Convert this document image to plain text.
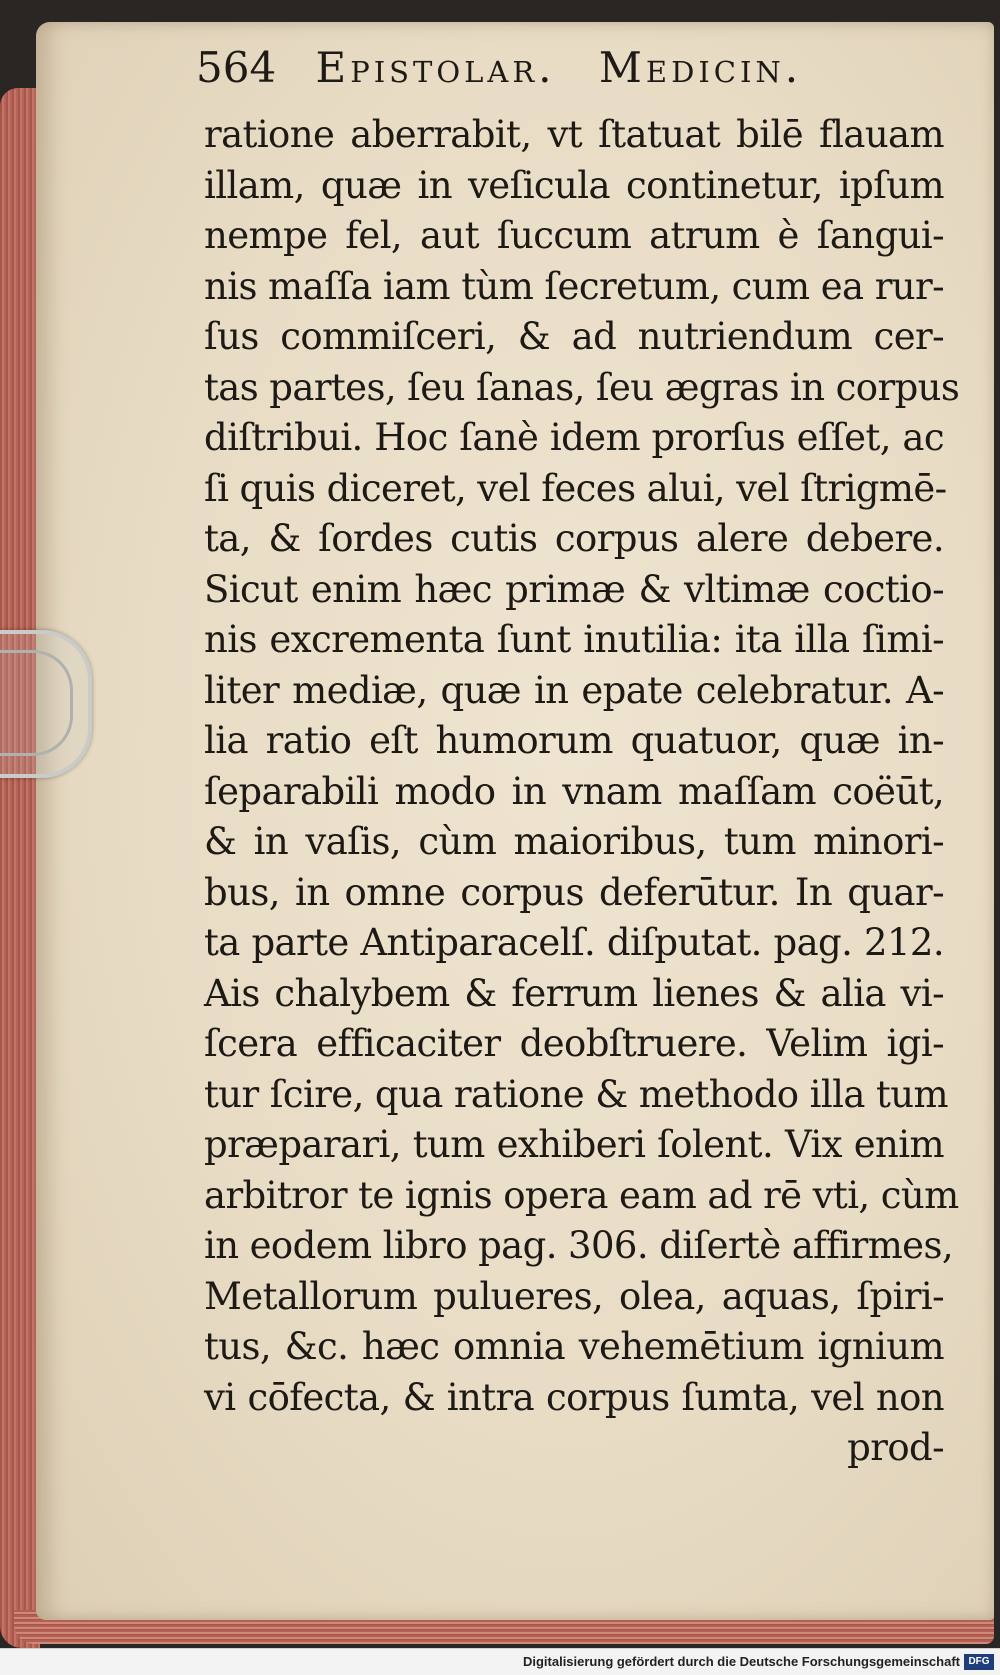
564 Epistolar. Medicin.
ratione aberrabit, vt ſtatuat bilē flauam
illam, quæ in veſicula continetur, ipſum
nempe fel, aut ſuccum atrum è ſangui-
nis maſſa iam tùm ſecretum, cum ea rur-
ſus commiſceri, & ad nutriendum cer-
tas partes, ſeu ſanas, ſeu ægras in corpus
diſtribui. Hoc ſanè idem prorſus eſſet, ac
ſi quis diceret, vel feces alui, vel ſtrigmē-
ta, & ſordes cutis corpus alere debere.
Sicut enim hæc primæ & vltimæ coctio-
nis excrementa ſunt inutilia: ita illa ſimi-
liter mediæ, quæ in epate celebratur. A-
lia ratio eſt humorum quatuor, quæ in-
ſeparabili modo in vnam maſſam coëūt,
& in vaſis, cùm maioribus, tum minori-
bus, in omne corpus deferūtur. In quar-
ta parte Antiparacelſ. diſputat. pag. 212.
Ais chalybem & ferrum lienes & alia vi-
ſcera efficaciter deobſtruere. Velim igi-
tur ſcire, qua ratione & methodo illa tum
præparari, tum exhiberi ſolent. Vix enim
arbitror te ignis opera eam ad rē vti, cùm
in eodem libro pag. 306. diſertè affirmes,
Metallorum pulueres, olea, aquas, ſpiri-
tus, &c. hæc omnia vehemētium ignium
vi cōfecta, & intra corpus ſumta, vel non
prod-
Digitalisierung gefördert durch die Deutsche Forschungsgemeinschaft DFG
